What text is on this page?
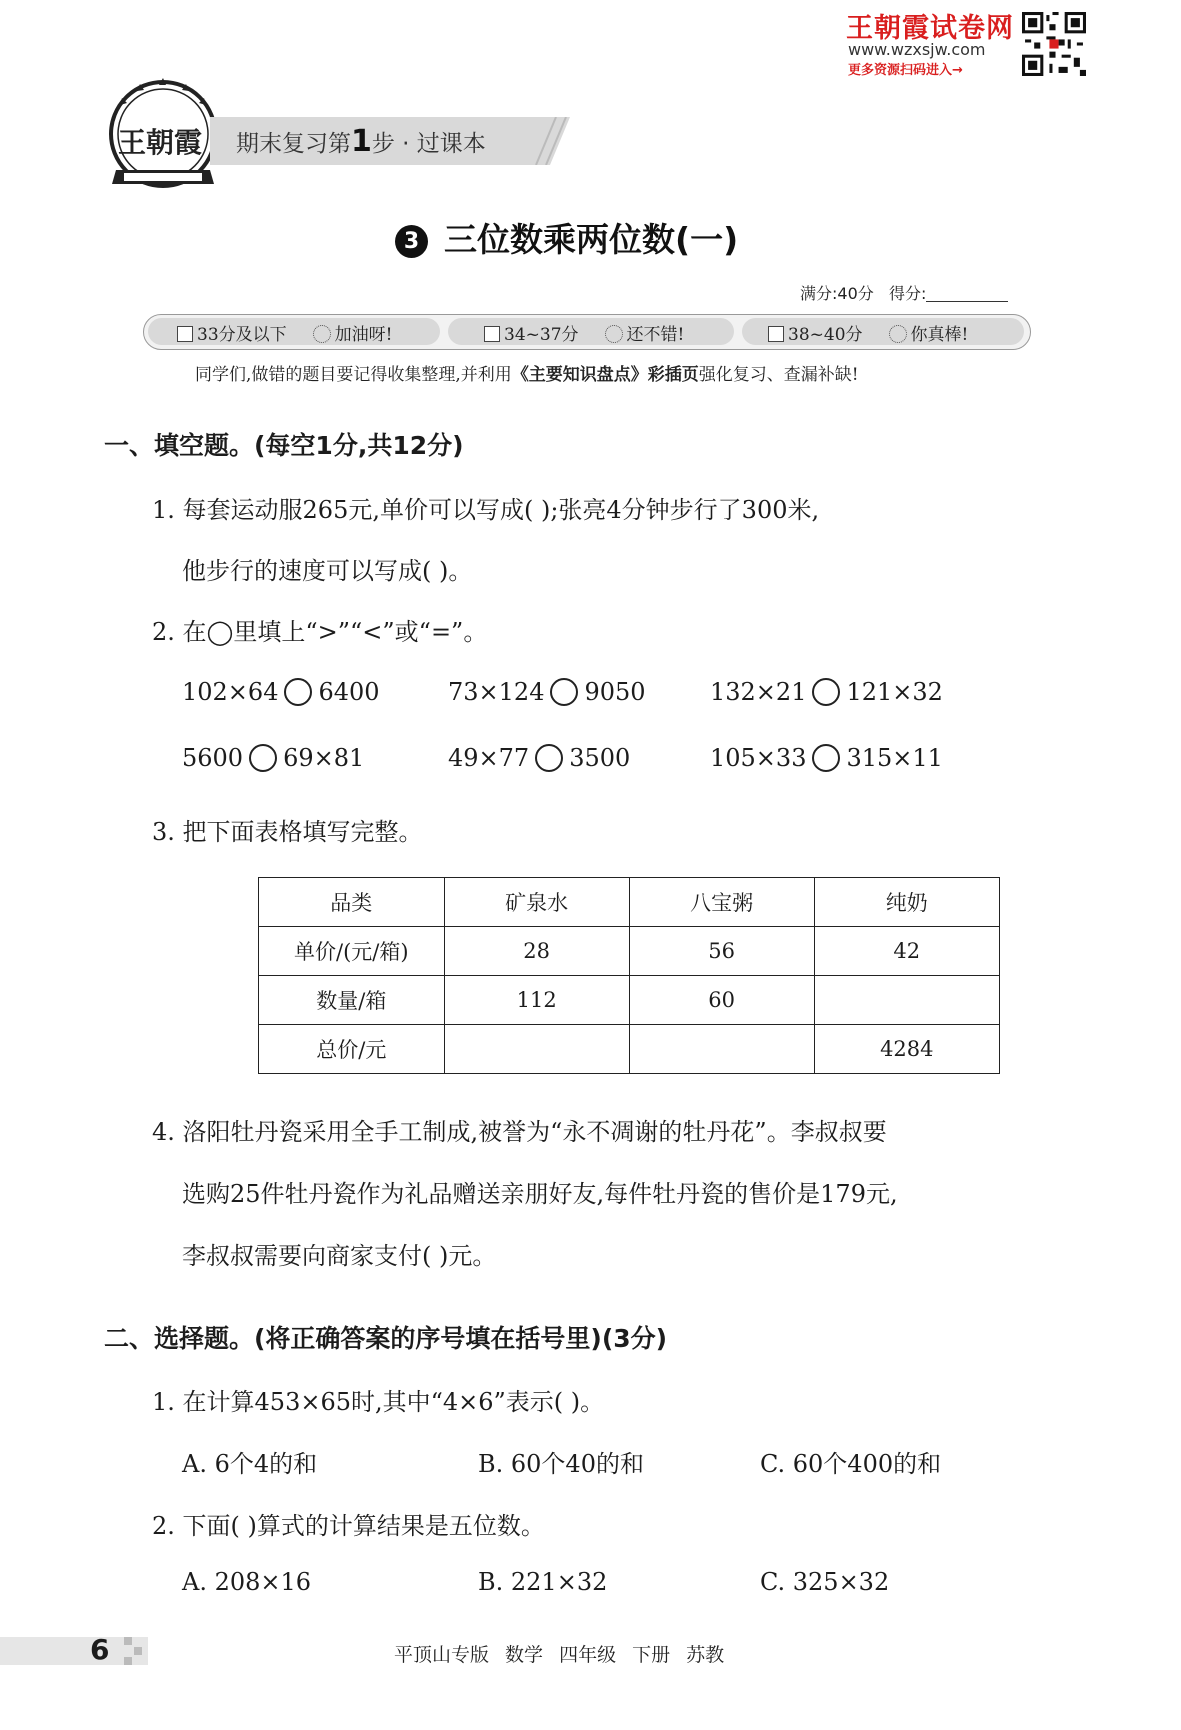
王朝霞试卷网
www.wzxsjw.com
更多资源扫码进入→
王朝霞 期末复习第1步 · 过课本
3 三位数乘两位数(一)
满分:40分 得分:
33分及以下	加油呀!	34~37分	还不错!	38~40分	你真棒!
同学们,做错的题目要记得收集整理,并利用《主要知识盘点》彩插页强化复习、查漏补缺!
一、填空题。(每空1分,共12分)
1. 每套运动服265元,单价可以写成( );张亮4分钟步行了300米,
他步行的速度可以写成( )。
2. 在◯里填上“>”“<”或“=”。
102×64 6400	73×124 9050	132×21 121×32
5600 69×81	49×77 3500	105×33 315×11
3. 把下面表格填写完整。
品类	矿泉水	八宝粥	纯奶
单价/(元/箱)	28	56	42
数量/箱	112	60	
总价/元			4284
4. 洛阳牡丹瓷采用全手工制成,被誉为“永不凋谢的牡丹花”。李叔叔要
选购25件牡丹瓷作为礼品赠送亲朋好友,每件牡丹瓷的售价是179元,
李叔叔需要向商家支付( )元。
二、选择题。(将正确答案的序号填在括号里)(3分)
1. 在计算453×65时,其中“4×6”表示( )。
A. 6个4的和	B. 60个40的和	C. 60个400的和
2. 下面( )算式的计算结果是五位数。
A. 208×16	B. 221×32	C. 325×32
6	平顶山专版 数学 四年级 下册 苏教
